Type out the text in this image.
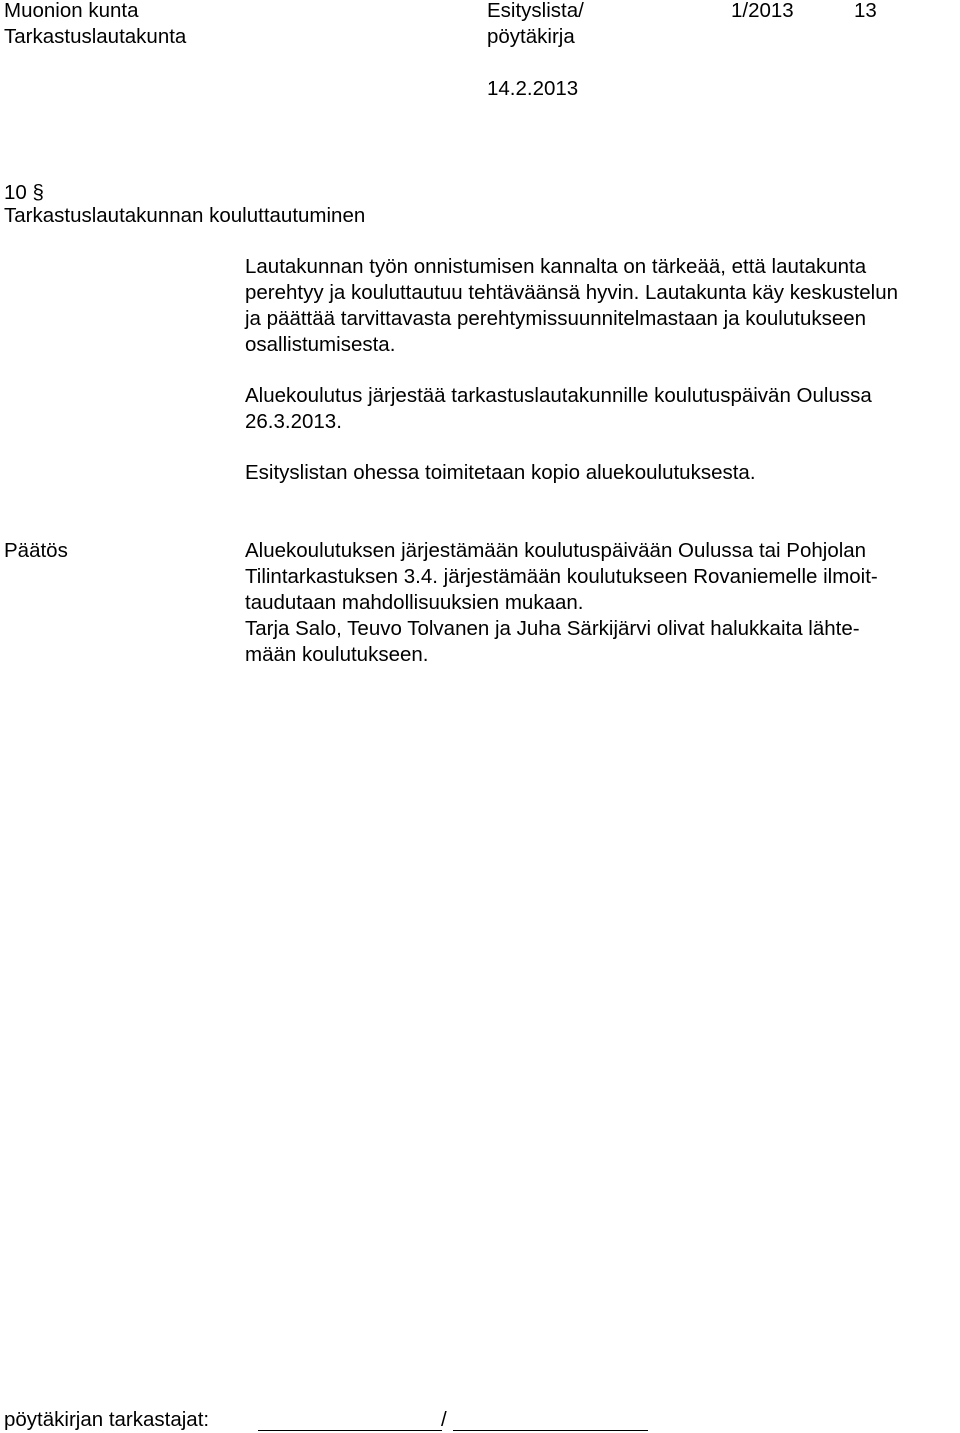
Muonion kunta
Tarkastuslautakunta
Esityslista/
pöytäkirja
1/2013	13
14.2.2013
10 §
Tarkastuslautakunnan kouluttautuminen

Lautakunnan työn onnistumisen kannalta on tärkeää, että lautakunta

perehtyy ja kouluttautuu tehtäväänsä hyvin. Lautakunta käy keskustelun

ja päättää tarvittavasta perehtymissuunnitelmastaan ja koulutukseen

osallistumisesta.

Aluekoulutus järjestää tarkastuslautakunnille koulutuspäivän Oulussa

26.3.2013.

Esityslistan ohessa toimitetaan kopio aluekoulutuksesta.

Päätös	Aluekoulutuksen järjestämään koulutuspäivään Oulussa tai Pohjolan

Tilintarkastuksen 3.4. järjestämään koulutukseen Rovaniemelle ilmoit-

taudutaan mahdollisuuksien mukaan.

Tarja Salo, Teuvo Tolvanen ja Juha Särkijärvi olivat halukkaita lähte-

mään koulutukseen.

pöytäkirjan tarkastajat:	/
